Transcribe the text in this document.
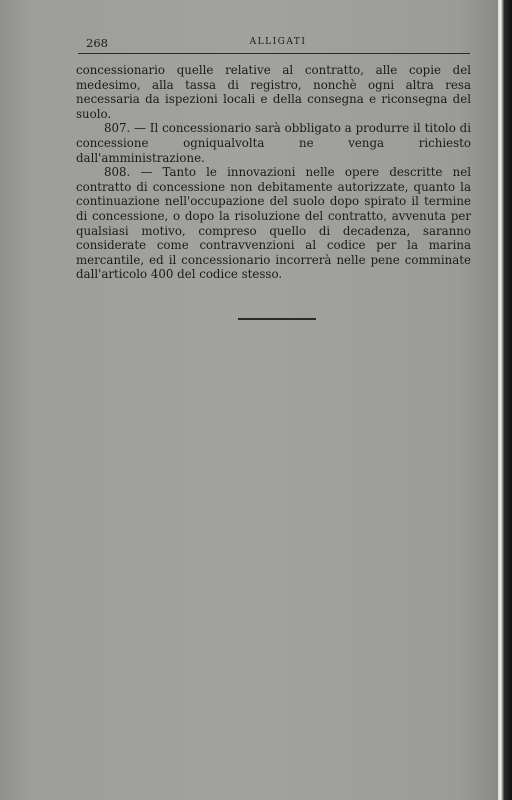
268	ALLIGATI

concessionario quelle relative al contratto, alle copie del medesimo, alla tassa di registro, nonchè ogni altra resa necessaria da ispezioni locali e della consegna e riconsegna del suolo.

807. — Il concessionario sarà obbligato a produrre il titolo di concessione ogniqualvolta ne venga richiesto dall'amministrazione.

808. — Tanto le innovazioni nelle opere descritte nel contratto di concessione non debitamente autorizzate, quanto la continuazione nell'occupazione del suolo dopo spirato il termine di concessione, o dopo la risoluzione del contratto, avvenuta per qualsiasi motivo, compreso quello di decadenza, saranno considerate come contravvenzioni al codice per la marina mercantile, ed il concessionario incorrerà nelle pene comminate dall'articolo 400 del codice stesso.
